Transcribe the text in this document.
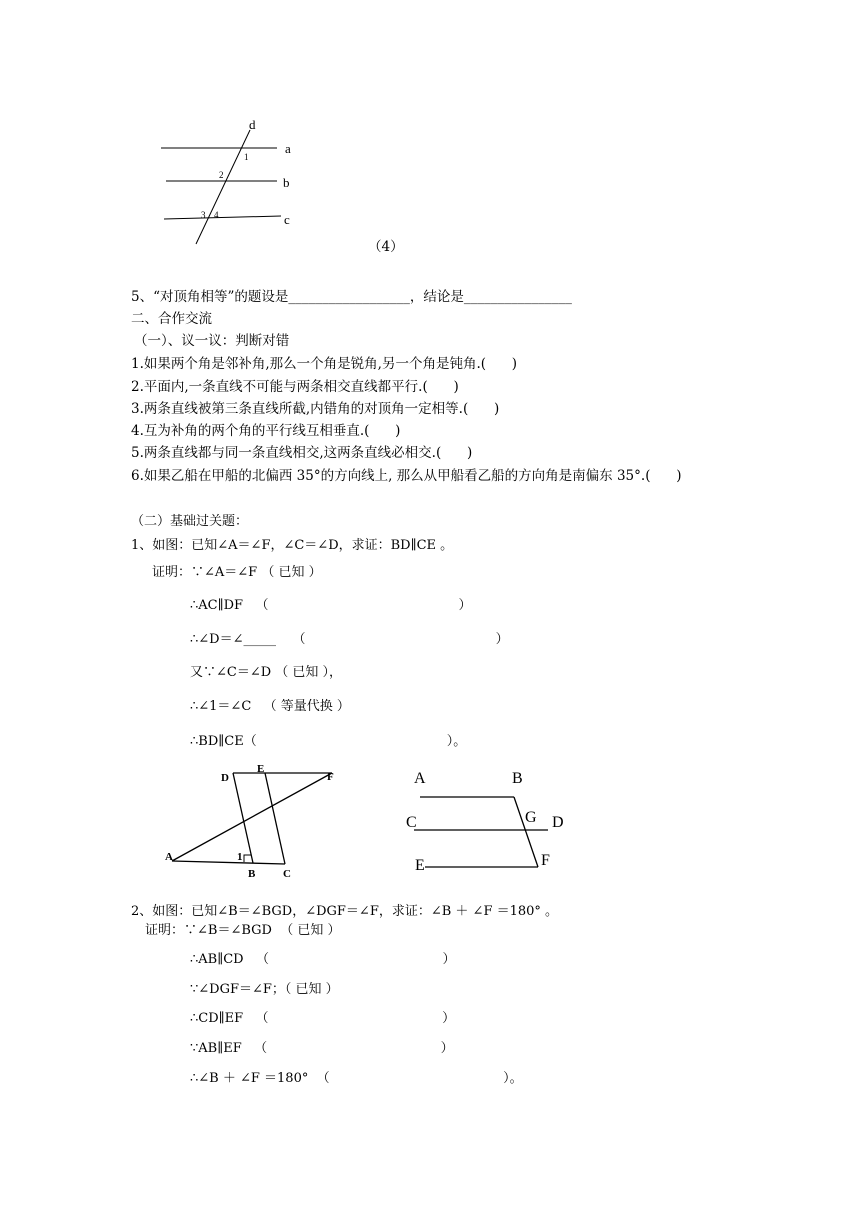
d
a
b
c
1
2
3 4
（4）
5、“对顶角相等”的题设是__________________，结论是________________
二、合作交流
（一）、议一议：判断对错
1.如果两个角是邻补角,那么一个角是锐角,另一个角是钝角.(      )
2.平面内,一条直线不可能与两条相交直线都平行.(      )
3.两条直线被第三条直线所截,内错角的对顶角一定相等.(      )
4.互为补角的两个角的平行线互相垂直.(      )
5.两条直线都与同一条直线相交,这两条直线必相交.(      )
6.如果乙船在甲船的北偏西 35°的方向线上, 那么从甲船看乙船的方向角是南偏东 35°.(      )
（二）基础过关题：
1、如图：已知∠A＝∠F，∠C＝∠D，求证：BD∥CE 。
证明：∵∠A＝∠F （ 已知 ）
∴AC∥DF   （                                              ）
∴∠D＝∠_____    （                                              ）
又∵∠C＝∠D （ 已知 ），
∴∠1＝∠C   （ 等量代换 ）
∴BD∥CE（                                              ）。
D
E
F
A	1
B	C
A	B
C	G D
E	F
2、如图：已知∠B＝∠BGD，∠DGF＝∠F，求证：∠B ＋ ∠F ＝180° 。
证明：∵∠B＝∠BGD  （ 已知 ）
∴AB∥CD   （                                          ）
∵∠DGF＝∠F；（ 已知 ）
∴CD∥EF   （                                          ）
∵AB∥EF   （                                          ）
∴∠B ＋ ∠F ＝180°  （                                          ）。
